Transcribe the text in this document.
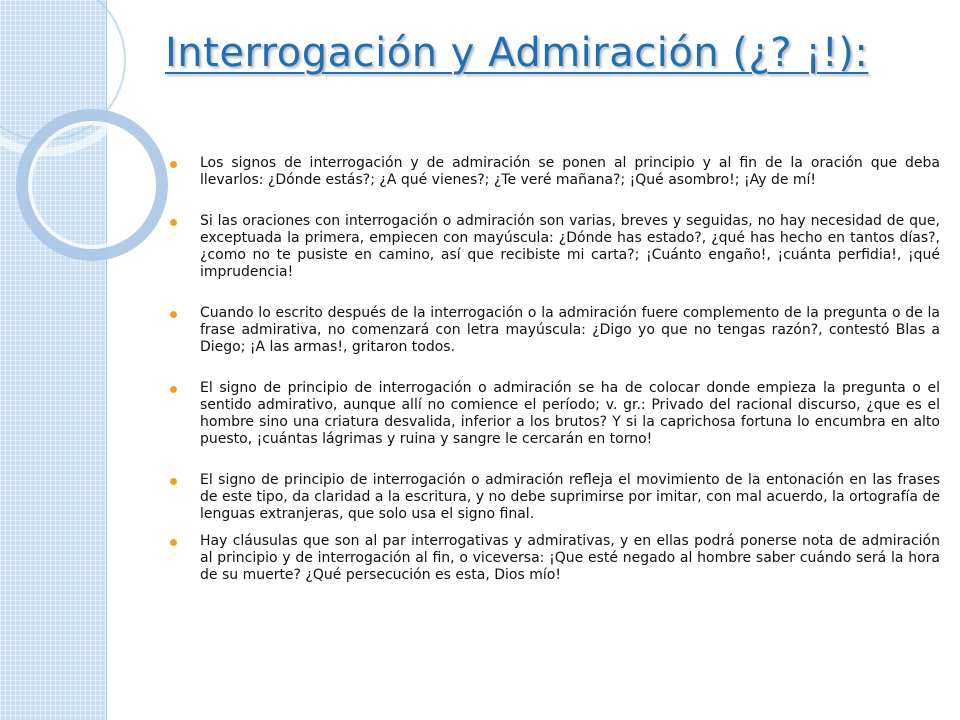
Interrogación y Admiración (¿? ¡!):
Los signos de interrogación y de admiración se ponen al principio y al fin de la oración que deba llevarlos: ¿Dónde estás?; ¿A qué vienes?; ¿Te veré mañana?; ¡Qué asombro!; ¡Ay de mí!
Si las oraciones con interrogación o admiración son varias, breves y seguidas, no hay necesidad de que, exceptuada la primera, empiecen con mayúscula: ¿Dónde has estado?, ¿qué has hecho en tantos días?, ¿como no te pusiste en camino, así que recibiste mi carta?; ¡Cuánto engaño!, ¡cuánta perfidia!, ¡qué imprudencia!
Cuando lo escrito después de la interrogación o la admiración fuere complemento de la pregunta o de la frase admirativa, no comenzará con letra mayúscula: ¿Digo yo que no tengas razón?, contestó Blas a Diego; ¡A las armas!, gritaron todos.
El signo de principio de interrogación o admiración se ha de colocar donde empieza la pregunta o el sentido admirativo, aunque allí no comience el período; v. gr.: Privado del racional discurso, ¿que es el hombre sino una criatura desvalida, inferior a los brutos? Y si la caprichosa fortuna lo encumbra en alto puesto, ¡cuántas lágrimas y ruina y sangre le cercarán en torno!
El signo de principio de interrogación o admiración refleja el movimiento de la entonación en las frases de este tipo, da claridad a la escritura, y no debe suprimirse por imitar, con mal acuerdo, la ortografía de lenguas extranjeras, que solo usa el signo final.
Hay cláusulas que son al par interrogativas y admirativas, y en ellas podrá ponerse nota de admiración al principio y de interrogación al fin, o viceversa: ¡Que esté negado al hombre saber cuándo será la hora de su muerte? ¿Qué persecución es esta, Dios mío!
